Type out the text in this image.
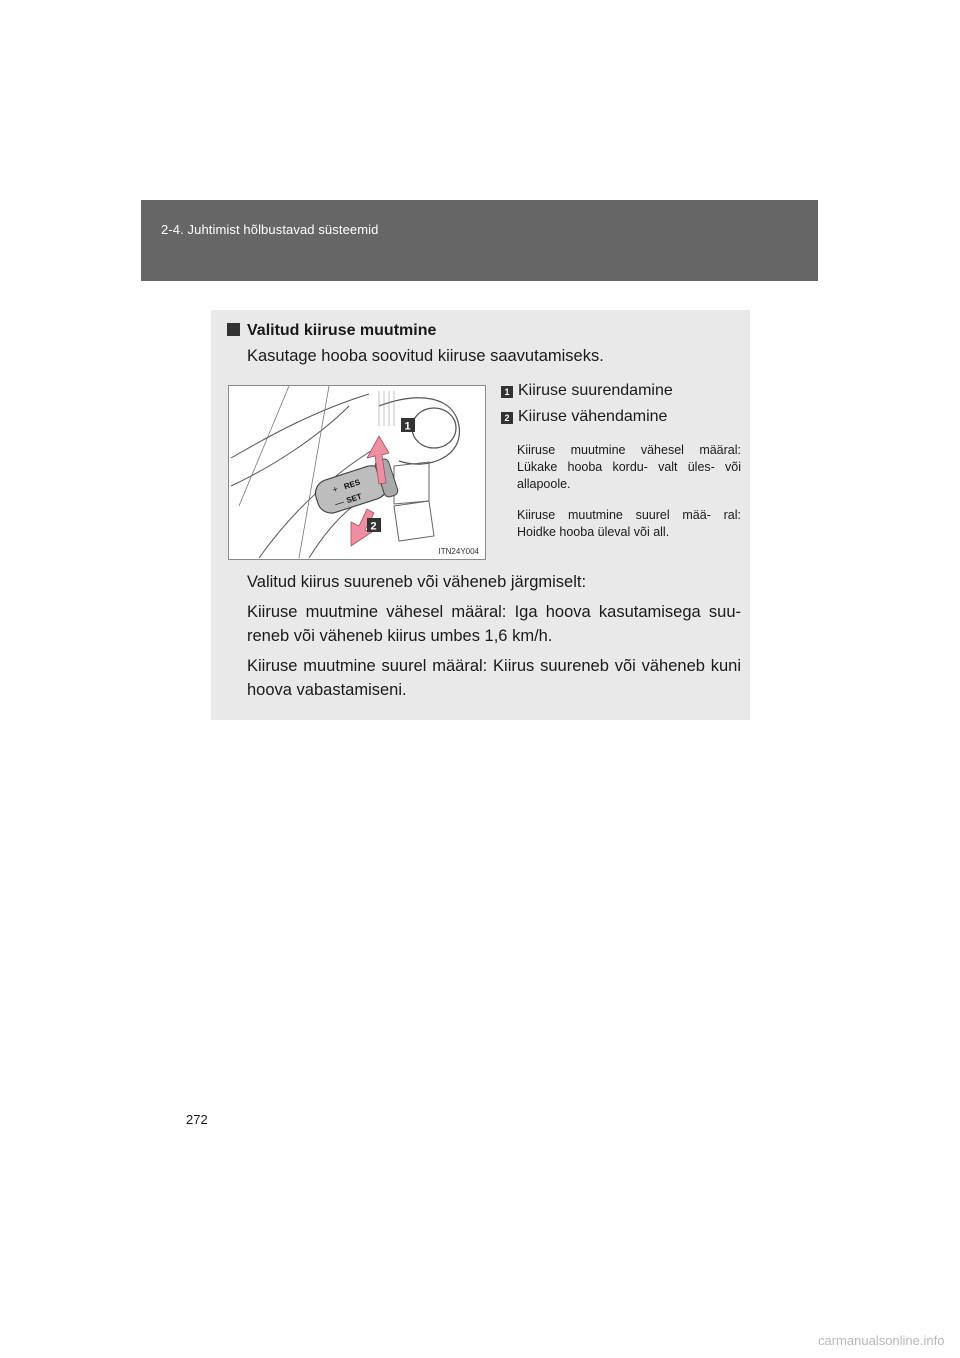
2-4. Juhtimist hõlbustavad süsteemid
Valitud kiiruse muutmine
Kasutage hooba soovitud kiiruse saavutamiseks.
+ RES
— SET
1
2
ITN24Y004
1 Kiiruse suurendamine
2 Kiiruse vähendamine
Kiiruse muutmine vähesel määral: Lükake hooba kordu- valt üles- või allapoole.
Kiiruse muutmine suurel mää- ral: Hoidke hooba üleval või all.
Valitud kiirus suureneb või väheneb järgmiselt:
Kiiruse muutmine vähesel määral: Iga hoova kasutamisega suu- reneb või väheneb kiirus umbes 1,6 km/h.
Kiiruse muutmine suurel määral: Kiirus suureneb või väheneb kuni hoova vabastamiseni.
272
carmanualsonline.info
